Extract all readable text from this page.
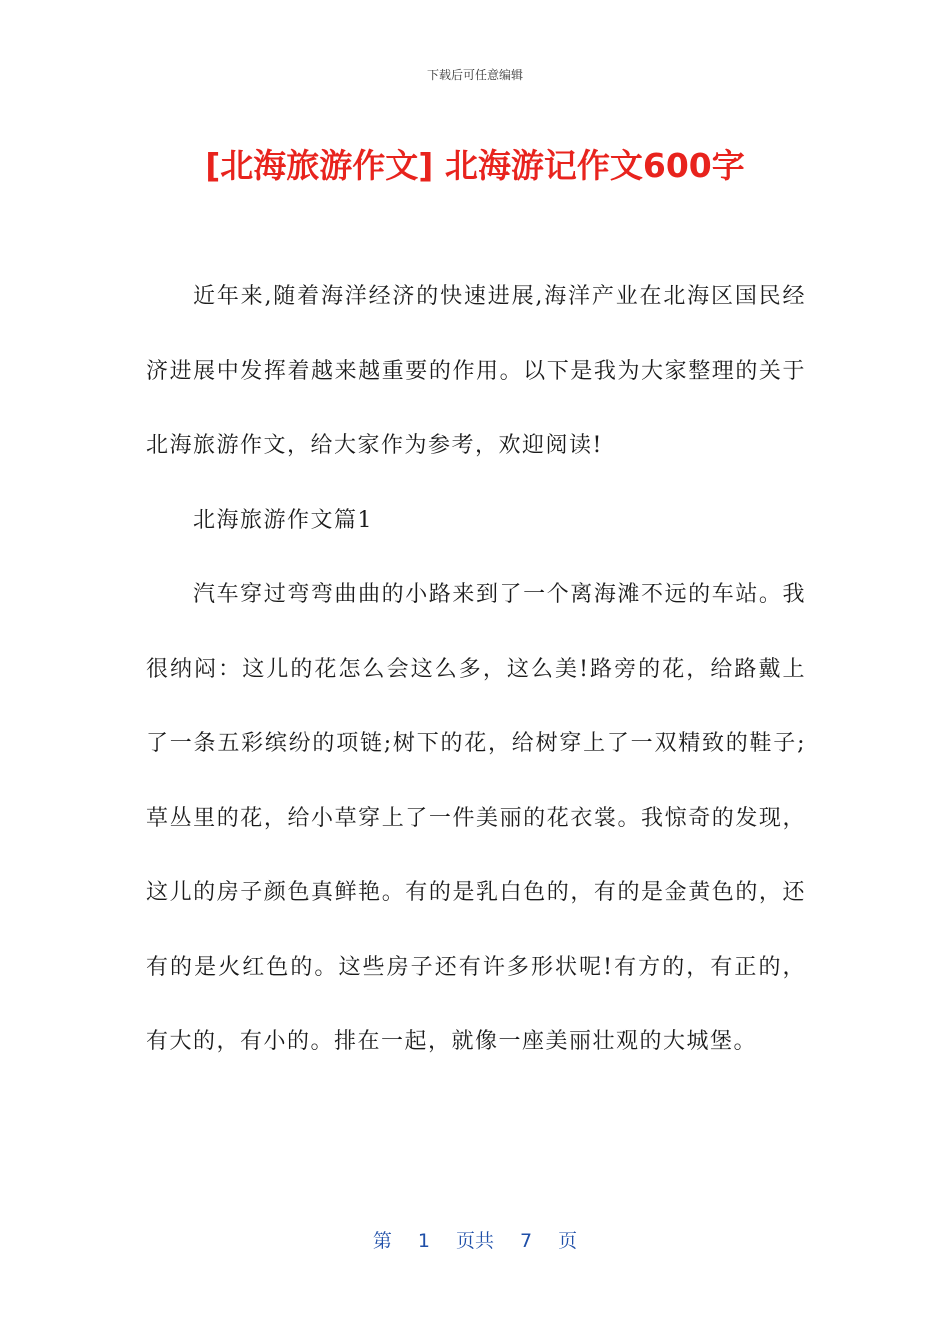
下载后可任意编辑
[北海旅游作文] 北海游记作文600字

近年来,随着海洋经济的快速进展,海洋产业在北海区国民经济进展中发挥着越来越重要的作用。以下是我为大家整理的关于北海旅游作文，给大家作为参考，欢迎阅读!

北海旅游作文篇1

汽车穿过弯弯曲曲的小路来到了一个离海滩不远的车站。我很纳闷：这儿的花怎么会这么多，这么美!路旁的花，给路戴上了一条五彩缤纷的项链;树下的花，给树穿上了一双精致的鞋子;草丛里的花，给小草穿上了一件美丽的花衣裳。我惊奇的发现，这儿的房子颜色真鲜艳。有的是乳白色的，有的是金黄色的，还有的是火红色的。这些房子还有许多形状呢!有方的，有正的，有大的，有小的。排在一起，就像一座美丽壮观的大城堡。

第 1 页共 7 页
